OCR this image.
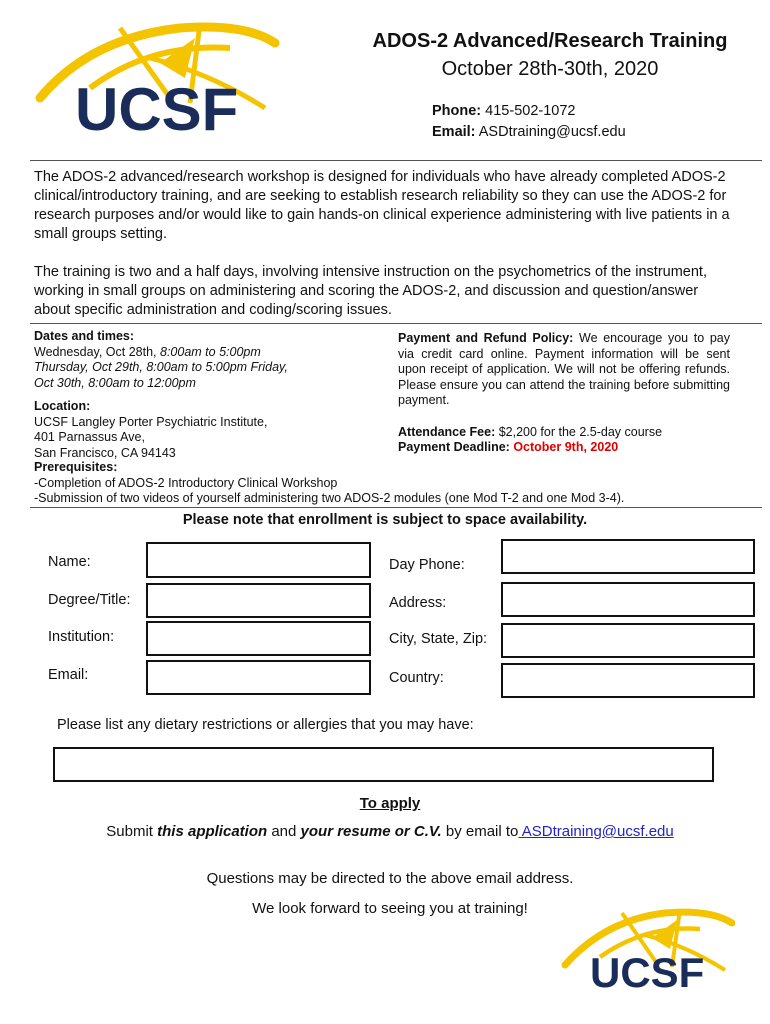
UCSF
ADOS-2 Advanced/Research Training
October 28th-30th, 2020
Phone: 415-502-1072
Email: ASDtraining@ucsf.edu
The ADOS-2 advanced/research workshop is designed for individuals who have already completed ADOS-2 clinical/introductory training, and are seeking to establish research reliability so they can use the ADOS-2 for research purposes and/or would like to gain hands-on clinical experience administering with live patients in a small groups setting.
The training is two and a half days, involving intensive instruction on the psychometrics of the instrument, working in small groups on administering and scoring the ADOS-2, and discussion and question/answer about specific administration and coding/scoring issues.
Dates and times:
Wednesday, Oct 28th, 8:00am to 5:00pm
Thursday, Oct 29th, 8:00am to 5:00pm Friday,
Oct 30th, 8:00am to 12:00pm
Location:
UCSF Langley Porter Psychiatric Institute,
401 Parnassus Ave,
San Francisco, CA 94143
Payment and Refund Policy: We encourage you to pay via credit card online. Payment information will be sent upon receipt of application. We will not be offering refunds. Please ensure you can attend the training before submitting payment.
Attendance Fee: $2,200 for the 2.5-day course
Payment Deadline: October 9th, 2020
Prerequisites:
-Completion of ADOS-2 Introductory Clinical Workshop
-Submission of two videos of yourself administering two ADOS-2 modules (one Mod T-2 and one Mod 3-4).
Please note that enrollment is subject to space availability.
Name:
Degree/Title:
Institution:
Email:
Day Phone:
Address:
City, State, Zip:
Country:
Please list any dietary restrictions or allergies that you may have:
To apply
Submit this application and your resume or C.V. by email to ASDtraining@ucsf.edu
Questions may be directed to the above email address.
We look forward to seeing you at training!
UCSF
